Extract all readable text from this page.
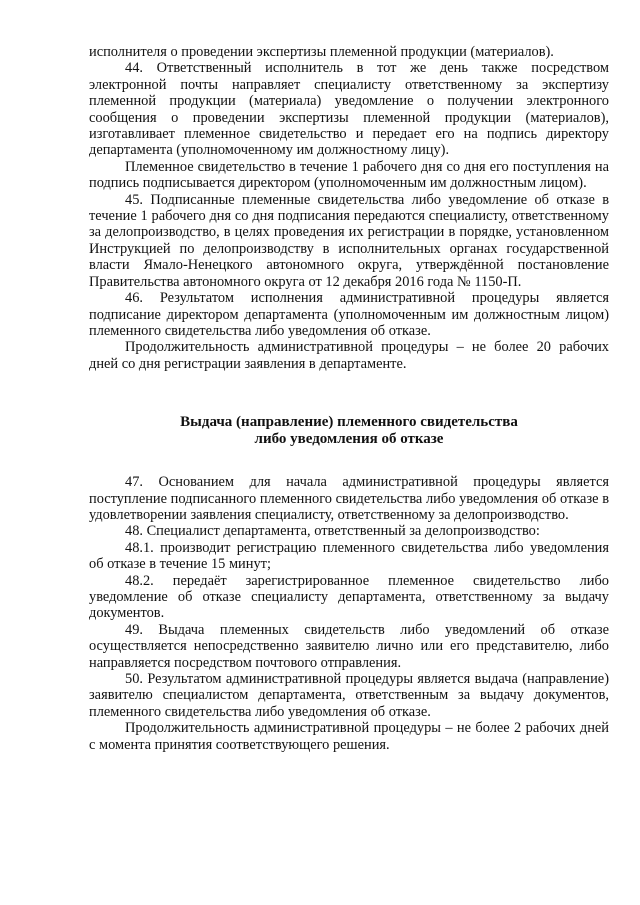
исполнителя о проведении экспертизы племенной продукции (материалов).

44. Ответственный исполнитель в тот же день также посредством электронной почты направляет специалисту ответственному за экспертизу племенной продукции (материала) уведомление о получении электронного сообщения о проведении экспертизы племенной продукции (материалов), изготавливает племенное свидетельство и передает его на подпись директору департамента (уполномоченному им должностному лицу).

Племенное свидетельство в течение 1 рабочего дня со дня его поступления на подпись подписывается директором (уполномоченным им должностным лицом).

45. Подписанные племенные свидетельства либо уведомление об отказе в течение 1 рабочего дня со дня подписания передаются специалисту, ответственному за делопроизводство, в целях проведения их регистрации в порядке, установленном Инструкцией по делопроизводству в исполнительных органах государственной власти Ямало-Ненецкого автономного округа, утверждённой постановление Правительства автономного округа от 12 декабря 2016 года № 1150-П.

46. Результатом исполнения административной процедуры является подписание директором департамента (уполномоченным им должностным лицом) племенного свидетельства либо уведомления об отказе.

Продолжительность административной процедуры – не более 20 рабочих дней со дня регистрации заявления в департаменте.

Выдача (направление) племенного свидетельства
либо уведомления об отказе

47. Основанием для начала административной процедуры является поступление подписанного племенного свидетельства либо уведомления об отказе в удовлетворении заявления специалисту, ответственному за делопроизводство.

48. Специалист департамента, ответственный за делопроизводство:

48.1. производит регистрацию племенного свидетельства либо уведомления об отказе в течение 15 минут;

48.2. передаёт зарегистрированное племенное свидетельство либо уведомление об отказе специалисту департамента, ответственному за выдачу документов.

49. Выдача племенных свидетельств либо уведомлений об отказе осуществляется непосредственно заявителю лично или его представителю, либо направляется посредством почтового отправления.

50. Результатом административной процедуры является выдача (направление) заявителю специалистом департамента, ответственным за выдачу документов, племенного свидетельства либо уведомления об отказе.

Продолжительность административной процедуры – не более 2 рабочих дней с момента принятия соответствующего решения.
